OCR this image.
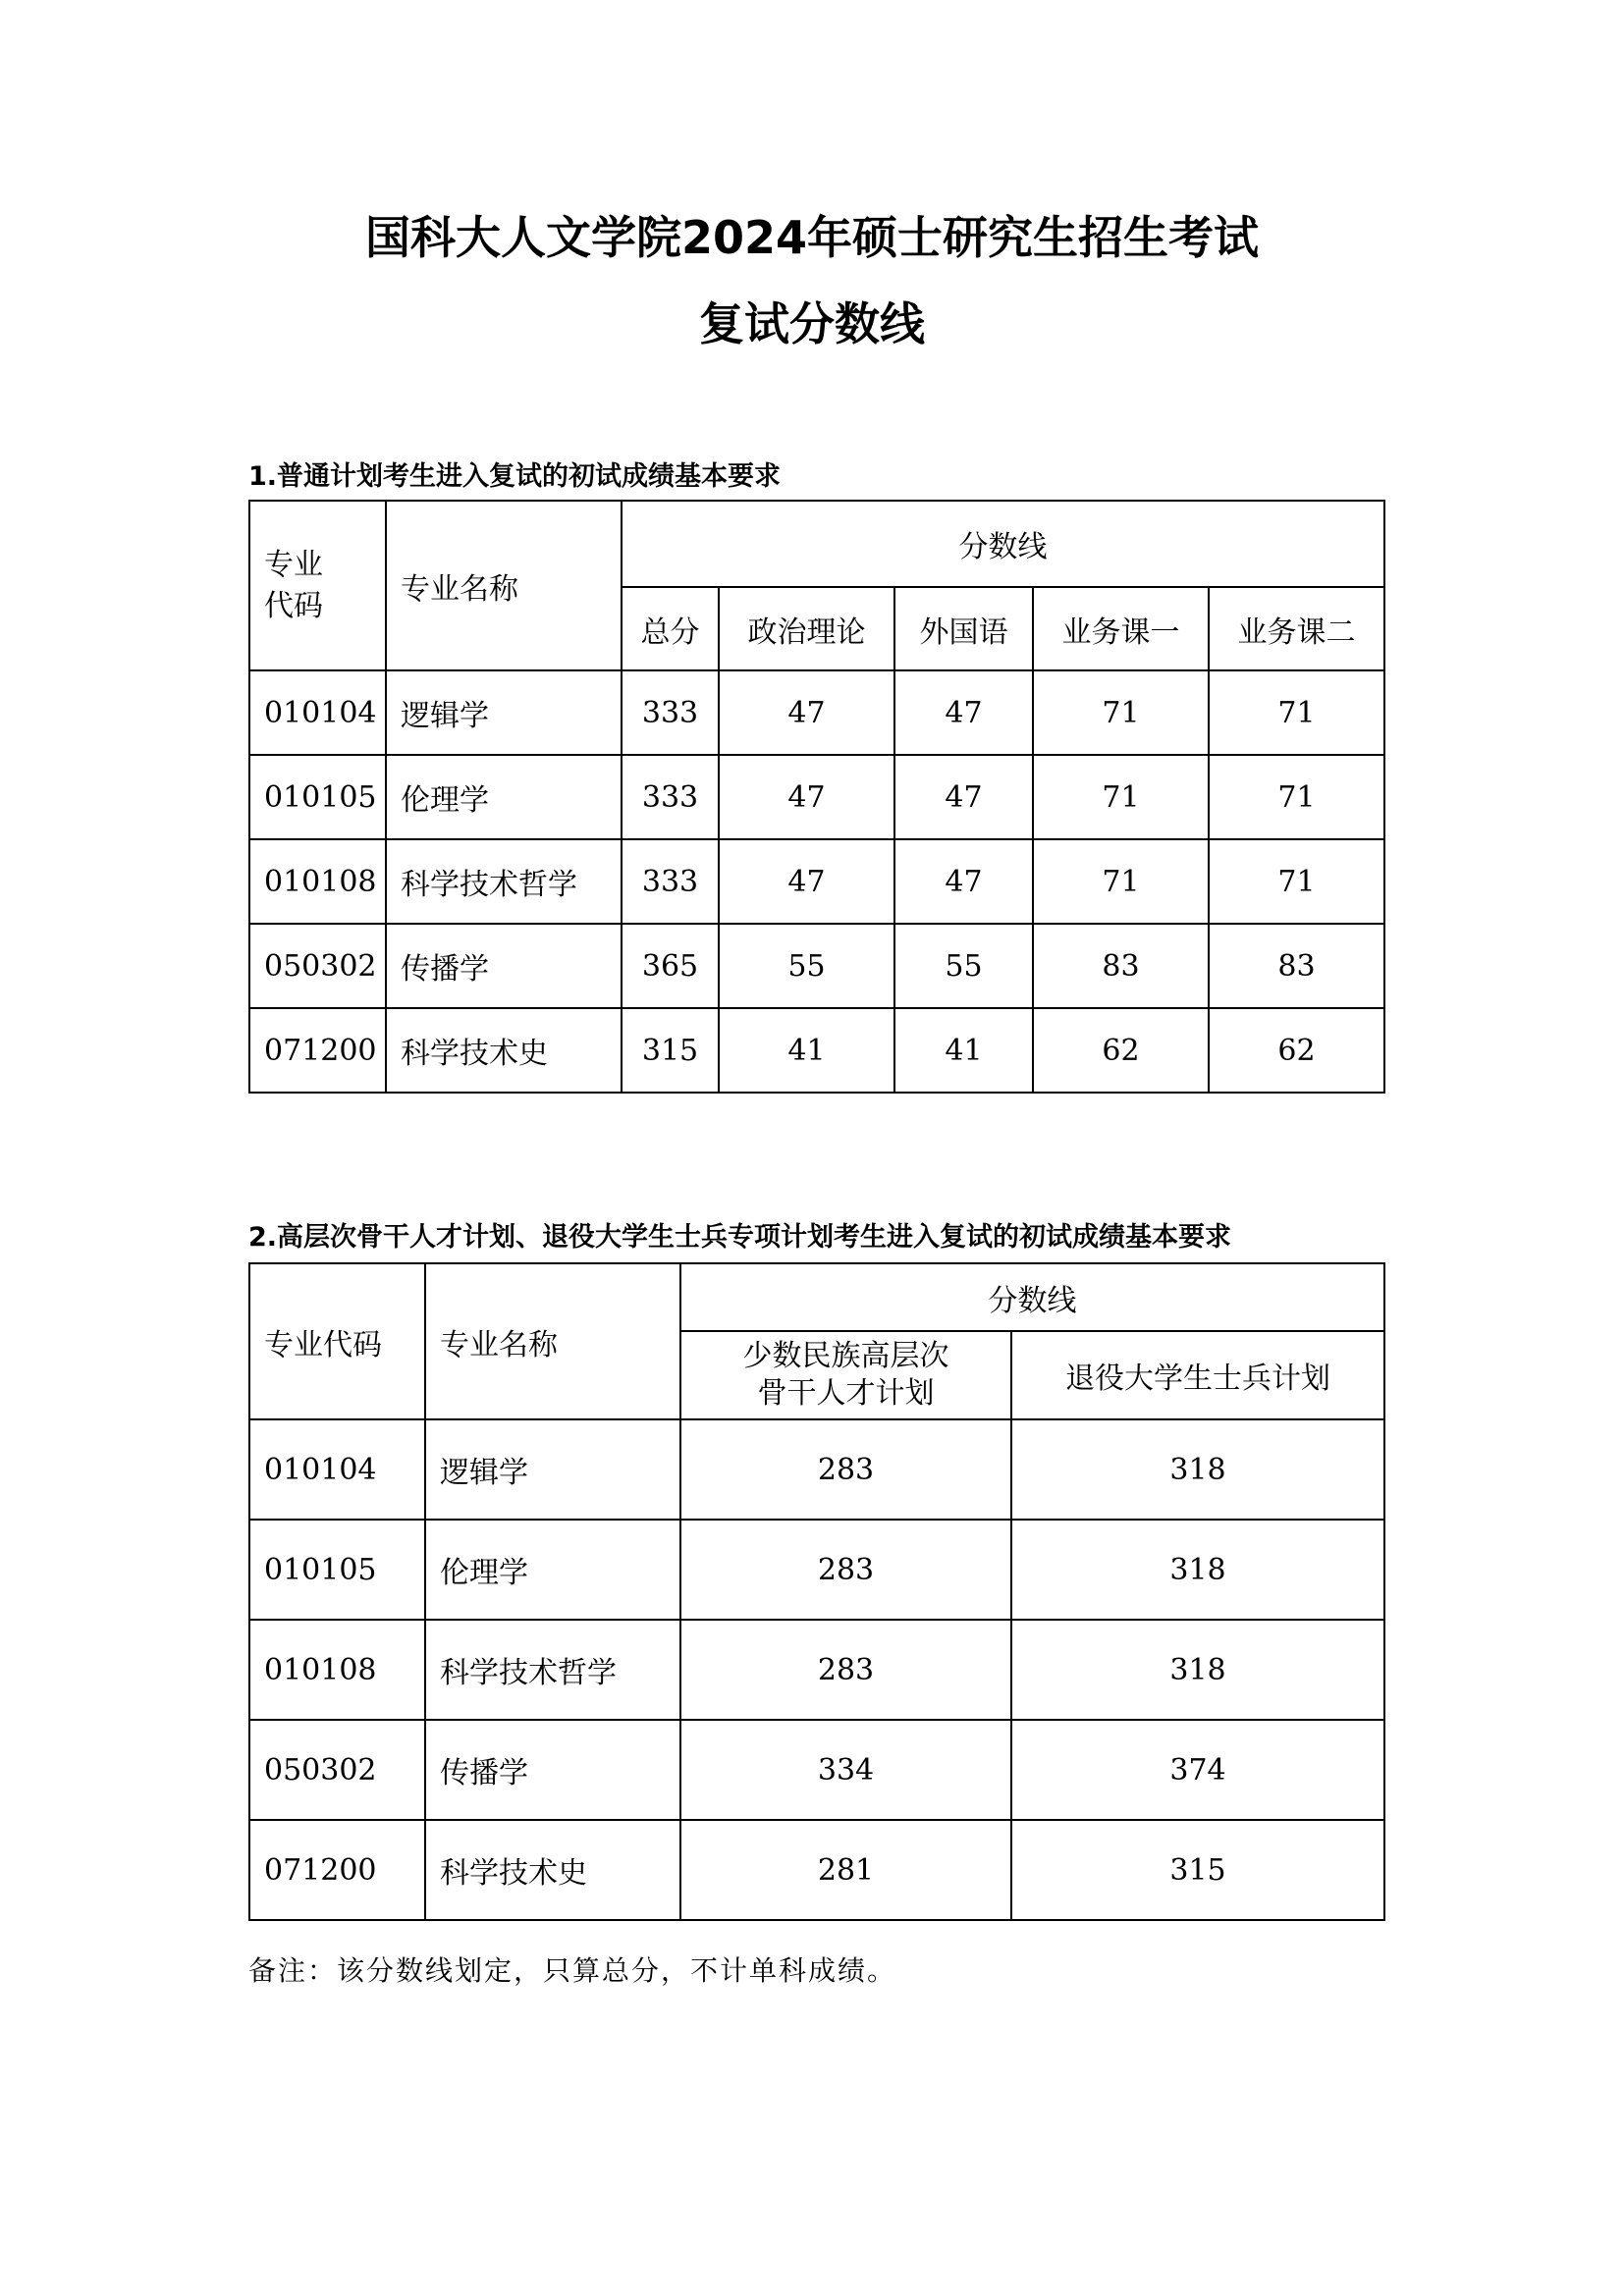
国科大人文学院2024年硕士研究生招生考试
复试分数线

1.普通计划考生进入复试的初试成绩基本要求

专业
代码	专业名称	分数线				
		总分	政治理论	外国语	业务课一	业务课二
010104	逻辑学	333	47	47	71	71
010105	伦理学	333	47	47	71	71
010108	科学技术哲学	333	47	47	71	71
050302	传播学	365	55	55	83	83
071200	科学技术史	315	41	41	62	62

2.高层次骨干人才计划、退役大学生士兵专项计划考生进入复试的初试成绩基本要求

专业代码	专业名称	分数线	
		少数民族高层次
骨干人才计划	退役大学生士兵计划
010104	逻辑学	283	318
010105	伦理学	283	318
010108	科学技术哲学	283	318
050302	传播学	334	374
071200	科学技术史	281	315

备注：该分数线划定，只算总分，不计单科成绩。
